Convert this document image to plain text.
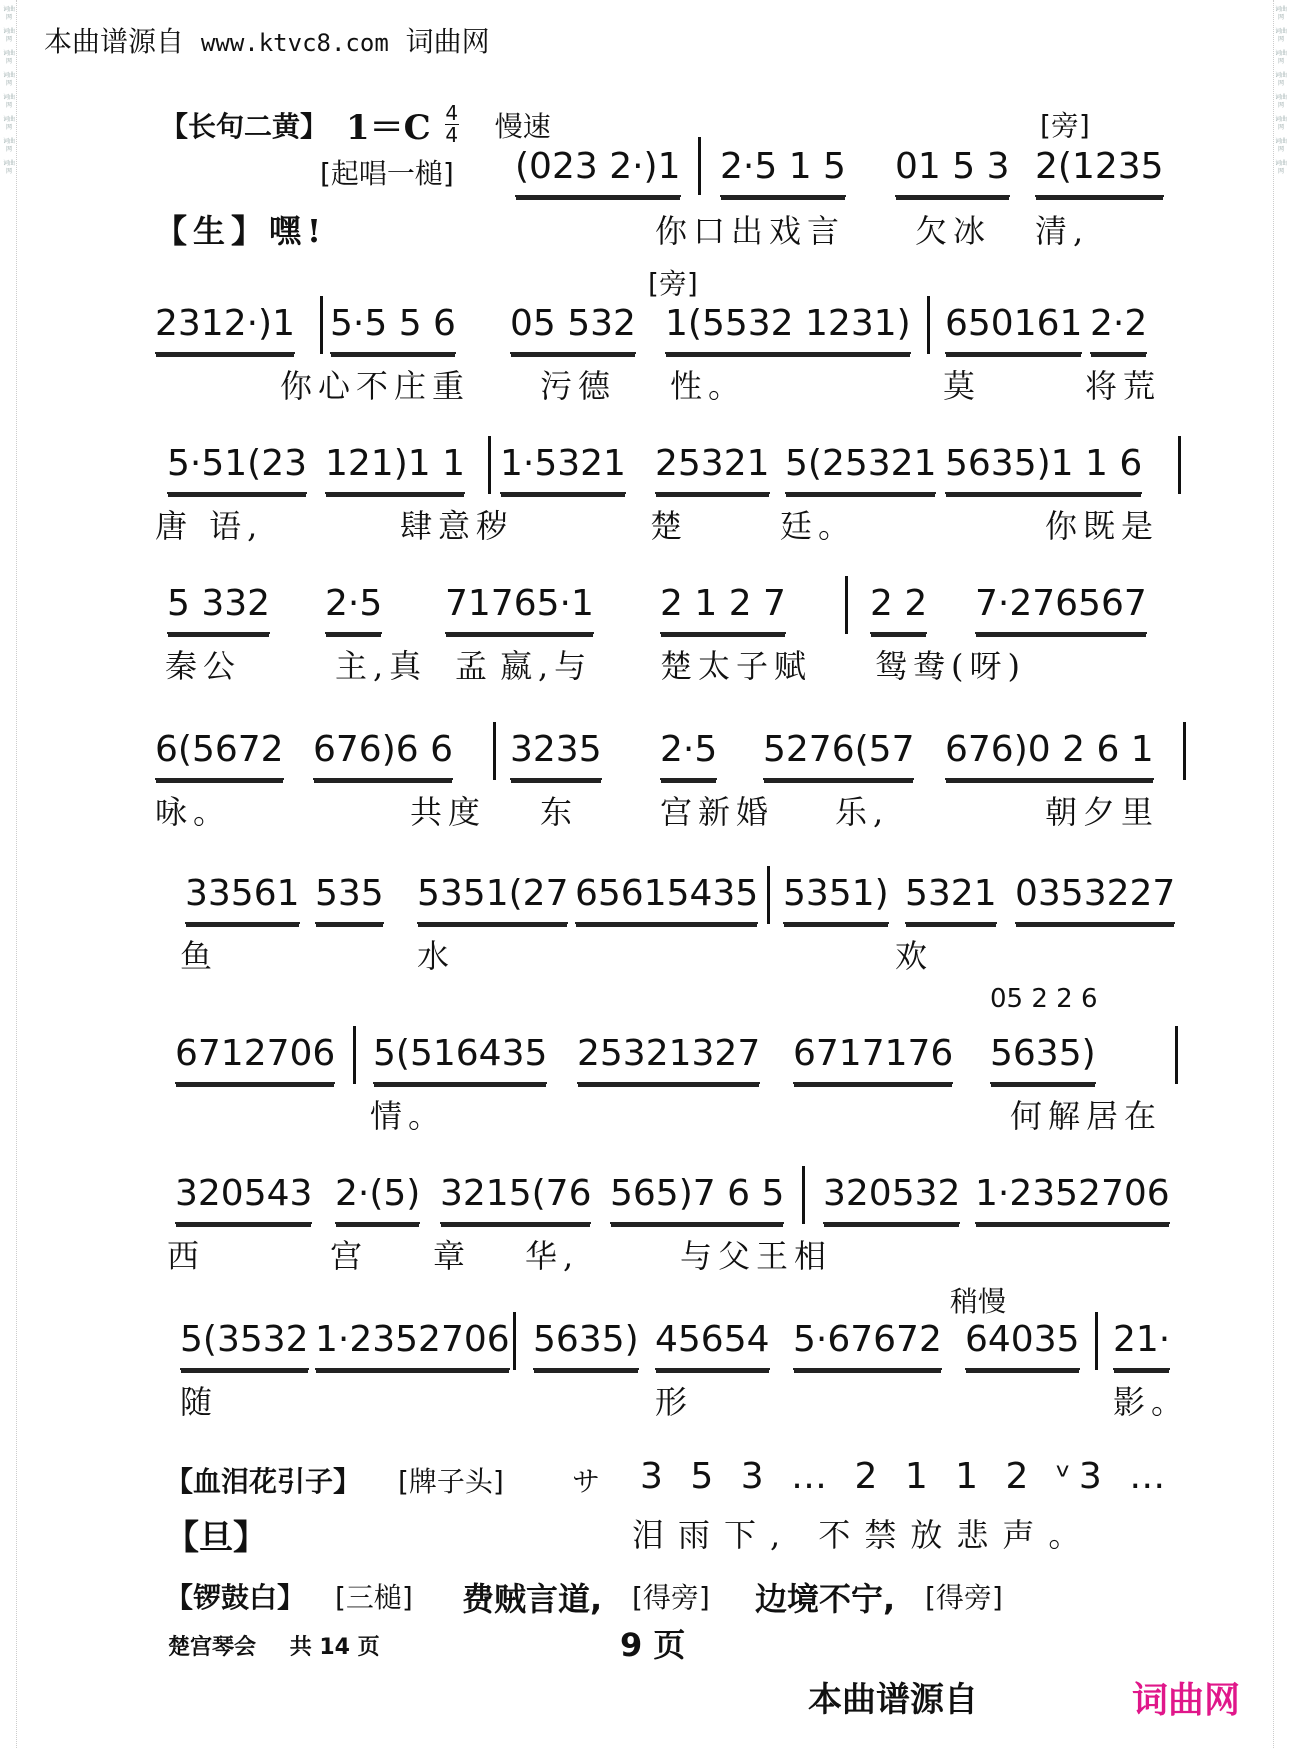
词曲网
词曲网
词曲网
词曲网
词曲网
词曲网
词曲网
词曲网
词曲网
词曲网
词曲网
词曲网
词曲网
词曲网
词曲网
词曲网
本曲谱源自 www.ktvc8.com 词曲网
【长句二黄】 1＝C 4
4 慢速	[旁]
[起唱一槌] (023 2·)1 2·5 1 5 01 5 3 2(1235
【生】嘿!	你口出戏言 欠冰 清,
[旁]
2312·)1 5·5 5 6 05 532 1(5532 1231) 650161 2·2
你心不庄重 污德 性。	莫	将荒
5·51(23 121)1 1 1·5321 25321 5(25321 5635)1 1 6
唐 语,	肆意秽	楚	廷。	你既是
5 332 2·5 71765·1 2 1 2 7 2 2 7·276567
秦公	主,真 孟 嬴,与 楚太子赋 鸳鸯(呀)
6(5672 676)6 6 3235 2·5 5276(57 676)0 2 6 1
咏。	共度 东	宫新婚 乐,	朝夕里
33561 535 5351(27 65615435 5351) 5321 0353227
鱼	水	欢
05 2 2 6
6712706 5(516435 25321327 6717176 5635)
情。	何解居在
320543 2·(5) 3215(76 565)7 6 5 320532 1·2352706
西	宫 章 华,	与父王相
稍慢
5(3532 1·2352706 5635) 45654 5·67672 64035 21·
随	形	影。
【血泪花引子】 [牌子头] サ 3 5 3 … 2 1 1 2 ᵛ3 …
【旦】	泪雨下, 不禁放悲声。
【锣鼓白】 [三槌] 费贼言道, [得旁] 边境不宁, [得旁]
楚宫琴会 共 14 页	9 页
本曲谱源自	词曲网
